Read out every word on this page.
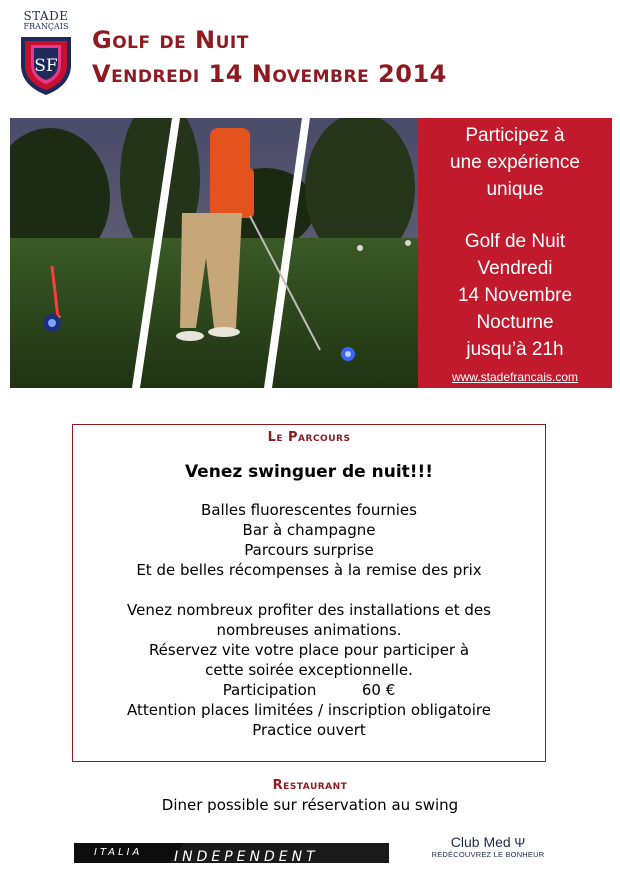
STADE
FRANÇAIS
SF
Golf de Nuit
Vendredi 14 Novembre 2014
Participez à
une expérience
unique
Golf de Nuit
Vendredi
14 Novembre
Nocturne
jusqu’à 21h
www.stadefrancais.com
Le Parcours
Venez swinguer de nuit!!!
Balles fluorescentes fournies
Bar à champagne
Parcours surprise
Et de belles récompenses à la remise des prix
Venez nombreux profiter des installations et des
nombreuses animations.
Réservez vite votre place pour participer à
cette soirée exceptionnelle.
Participation	60 €
Attention places limitées / inscription obligatoire
Practice ouvert
Restaurant
Diner possible sur réservation au swing
ITALIA INDEPENDENT
Club Med Ψ
REDÉCOUVREZ LE BONHEUR
